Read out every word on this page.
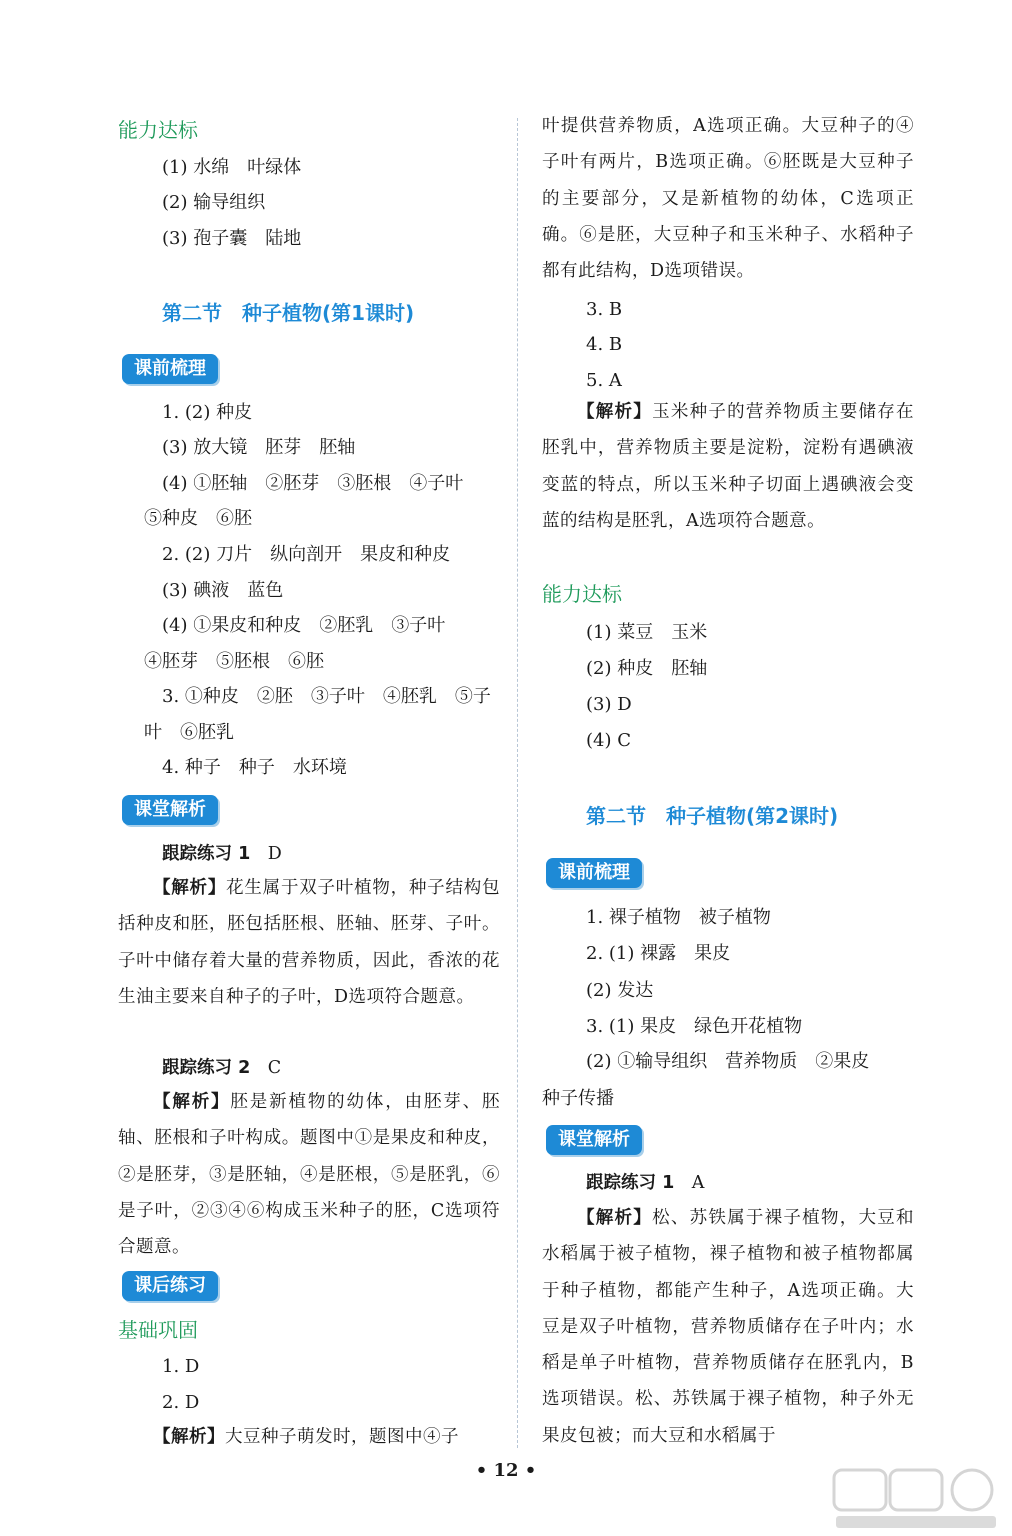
能力达标
(1) 水绵　叶绿体
(2) 输导组织
(3) 孢子囊　陆地
第二节　种子植物(第1课时)
课前梳理
1. (2) 种皮
(3) 放大镜　胚芽　胚轴
(4) ①胚轴　②胚芽　③胚根　④子叶
⑤种皮　⑥胚
2. (2) 刀片　纵向剖开　果皮和种皮
(3) 碘液　蓝色
(4) ①果皮和种皮　②胚乳　③子叶
④胚芽　⑤胚根　⑥胚
3. ①种皮　②胚　③子叶　④胚乳　⑤子
叶　⑥胚乳
4. 种子　种子　水环境
课堂解析
跟踪练习 1　 D
【解析】花生属于双子叶植物，种子结构包括种皮和胚，胚包括胚根、胚轴、胚芽、子叶。子叶中储存着大量的营养物质，因此，香浓的花生油主要来自种子的子叶，D选项符合题意。
跟踪练习 2　 C
【解析】胚是新植物的幼体，由胚芽、胚轴、胚根和子叶构成。题图中①是果皮和种皮，②是胚芽，③是胚轴，④是胚根，⑤是胚乳，⑥是子叶，②③④⑥构成玉米种子的胚，C选项符合题意。
课后练习
基础巩固
1. D
2. D
【解析】大豆种子萌发时，题图中④子
叶提供营养物质，A选项正确。大豆种子的④子叶有两片，B选项正确。⑥胚既是大豆种子的主要部分，又是新植物的幼体，C选项正确。⑥是胚，大豆种子和玉米种子、水稻种子都有此结构，D选项错误。
3. B
4. B
5. A
【解析】玉米种子的营养物质主要储存在胚乳中，营养物质主要是淀粉，淀粉有遇碘液变蓝的特点，所以玉米种子切面上遇碘液会变蓝的结构是胚乳，A选项符合题意。
能力达标
(1) 菜豆　玉米
(2) 种皮　胚轴
(3) D
(4) C
第二节　种子植物(第2课时)
课前梳理
1. 裸子植物　被子植物
2. (1) 裸露　果皮
(2) 发达
3. (1) 果皮　绿色开花植物
(2) ①输导组织　营养物质　②果皮
种子传播
课堂解析
跟踪练习 1　 A
【解析】松、苏铁属于裸子植物，大豆和水稻属于被子植物，裸子植物和被子植物都属于种子植物，都能产生种子，A选项正确。大豆是双子叶植物，营养物质储存在子叶内；水稻是单子叶植物，营养物质储存在胚乳内，B选项错误。松、苏铁属于裸子植物，种子外无果皮包被；而大豆和水稻属于
• 12 •
